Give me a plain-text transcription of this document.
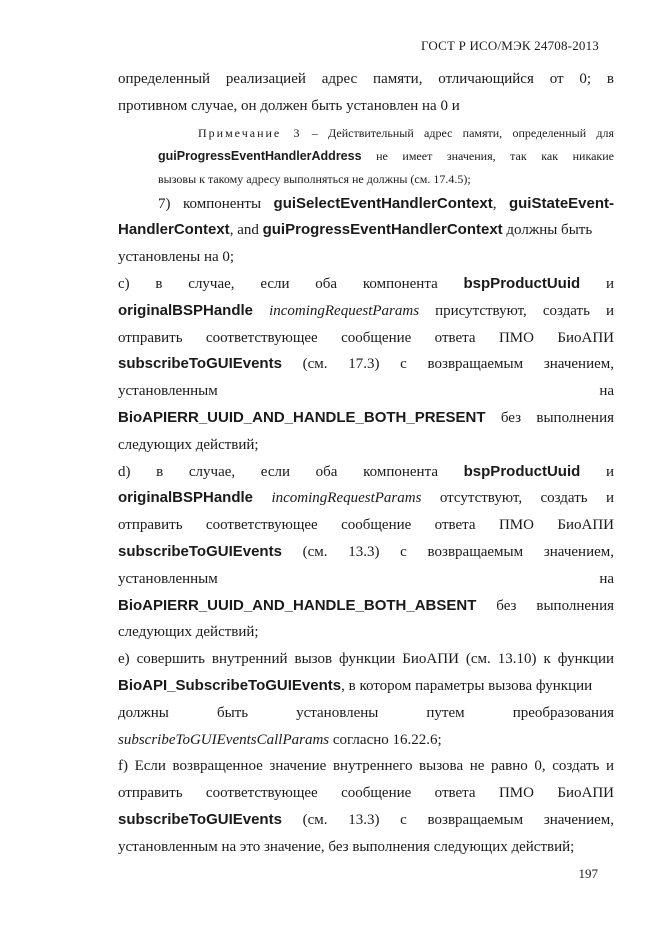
ГОСТ Р ИСО/МЭК 24708-2013
определенный реализацией адрес памяти, отличающийся от 0; в
противном случае, он должен быть установлен на 0 и
Примечание 3 – Действительный адрес памяти, определенный для
guiProgressEventHandlerAddress не имеет значения, так как никакие
вызовы к такому адресу выполняться не должны (см. 17.4.5);
7) компоненты guiSelectEventHandlerContext, guiStateEvent-
HandlerContext, and guiProgressEventHandlerContext должны быть
установлены на 0;
c) в случае, если оба компонента bspProductUuid и
originalBSPHandle incomingRequestParams присутствуют, создать и
отправить соответствующее сообщение ответа ПМО БиоАПИ
subscribeToGUIEvents (см. 17.3) с возвращаемым значением,
установленным	на
BioAPIERR_UUID_AND_HANDLE_BOTH_PRESENT без выполнения
следующих действий;
d) в случае, если оба компонента bspProductUuid и
originalBSPHandle incomingRequestParams отсутствуют, создать и
отправить соответствующее сообщение ответа ПМО БиоАПИ
subscribeToGUIEvents (см. 13.3) с возвращаемым значением,
установленным	на
BioAPIERR_UUID_AND_HANDLE_BOTH_ABSENT без выполнения
следующих действий;
e) совершить внутренний вызов функции БиоАПИ (см. 13.10) к функции
BioAPI_SubscribeToGUIEvents, в котором параметры вызова функции
должны быть установлены путем преобразования
subscribeToGUIEventsCallParams согласно 16.22.6;
f) Если возвращенное значение внутреннего вызова не равно 0, создать и
отправить соответствующее сообщение ответа ПМО БиоАПИ
subscribeToGUIEvents (см. 13.3) с возвращаемым значением,
установленным на это значение, без выполнения следующих действий;
197
